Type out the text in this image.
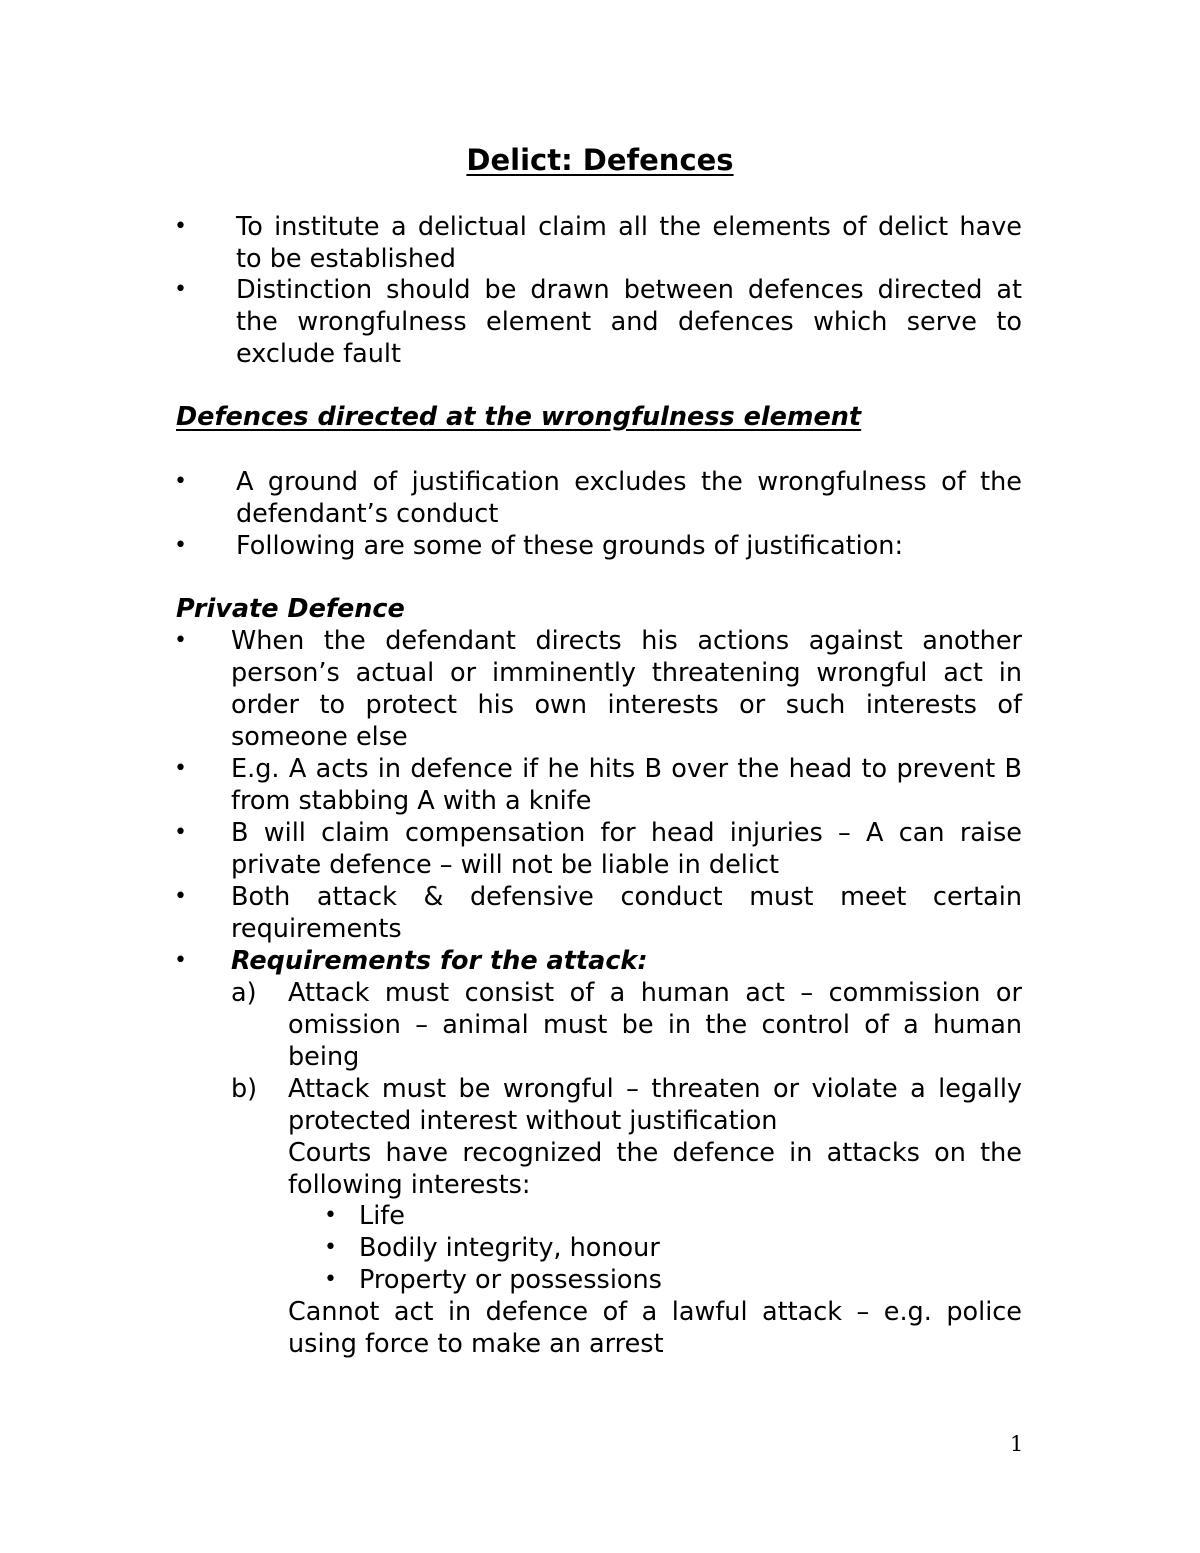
Delict: Defences
• To institute a delictual claim all the elements of delict have to be established
• Distinction should be drawn between defences directed at the wrongfulness element and defences which serve to exclude fault
Defences directed at the wrongfulness element
• A ground of justification excludes the wrongfulness of the defendant’s conduct
• Following are some of these grounds of justification:
Private Defence
• When the defendant directs his actions against another person’s actual or imminently threatening wrongful act in order to protect his own interests or such interests of someone else
• E.g. A acts in defence if he hits B over the head to prevent B from stabbing A with a knife
• B will claim compensation for head injuries – A can raise private defence – will not be liable in delict
• Both attack & defensive conduct must meet certain requirements
• Requirements for the attack:
a) Attack must consist of a human act – commission or omission – animal must be in the control of a human being

b) Attack must be wrongful – threaten or violate a legally protected interest without justification

Courts have recognized the defence in attacks on the following interests:

• Life
• Bodily integrity, honour
• Property or possessions

Cannot act in defence of a lawful attack – e.g. police using force to make an arrest

1
